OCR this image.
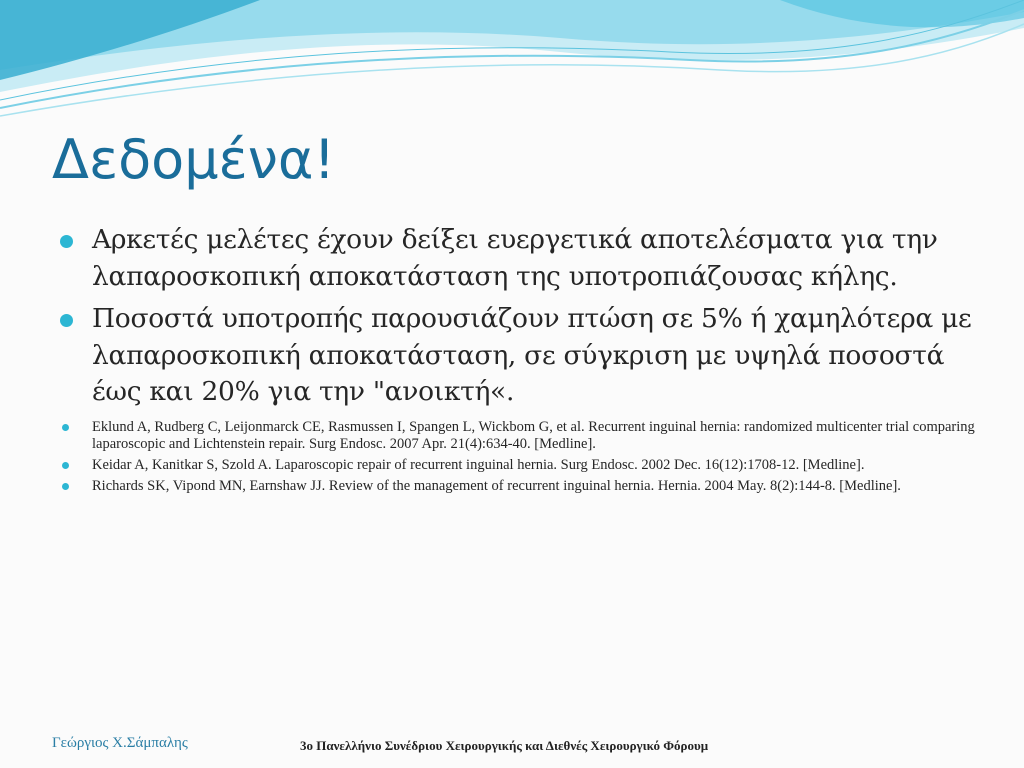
Δεδομένα!
Αρκετές μελέτες έχουν δείξει ευεργετικά αποτελέσματα για την λαπαροσκοπική αποκατάσταση της υποτροπιάζουσας κήλης.
Ποσοστά υποτροπής παρουσιάζουν πτώση σε 5% ή χαμηλότερα με λαπαροσκοπική αποκατάσταση, σε σύγκριση με υψηλά ποσοστά έως και 20% για την "ανοικτή«.
Eklund A, Rudberg C, Leijonmarck CE, Rasmussen I, Spangen L, Wickbom G, et al. Recurrent inguinal hernia: randomized multicenter trial comparing laparoscopic and Lichtenstein repair. Surg Endosc. 2007 Apr. 21(4):634-40. [Medline].
Keidar A, Kanitkar S, Szold A. Laparoscopic repair of recurrent inguinal hernia. Surg Endosc. 2002 Dec. 16(12):1708-12. [Medline].
Richards SK, Vipond MN, Earnshaw JJ. Review of the management of recurrent inguinal hernia. Hernia. 2004 May. 8(2):144-8. [Medline].
Γεώργιος Χ.Σάμπαλης	3ο Πανελλήνιο Συνέδριου Χειρουργικής και Διεθνές Χειρουργικό Φόρουμ
